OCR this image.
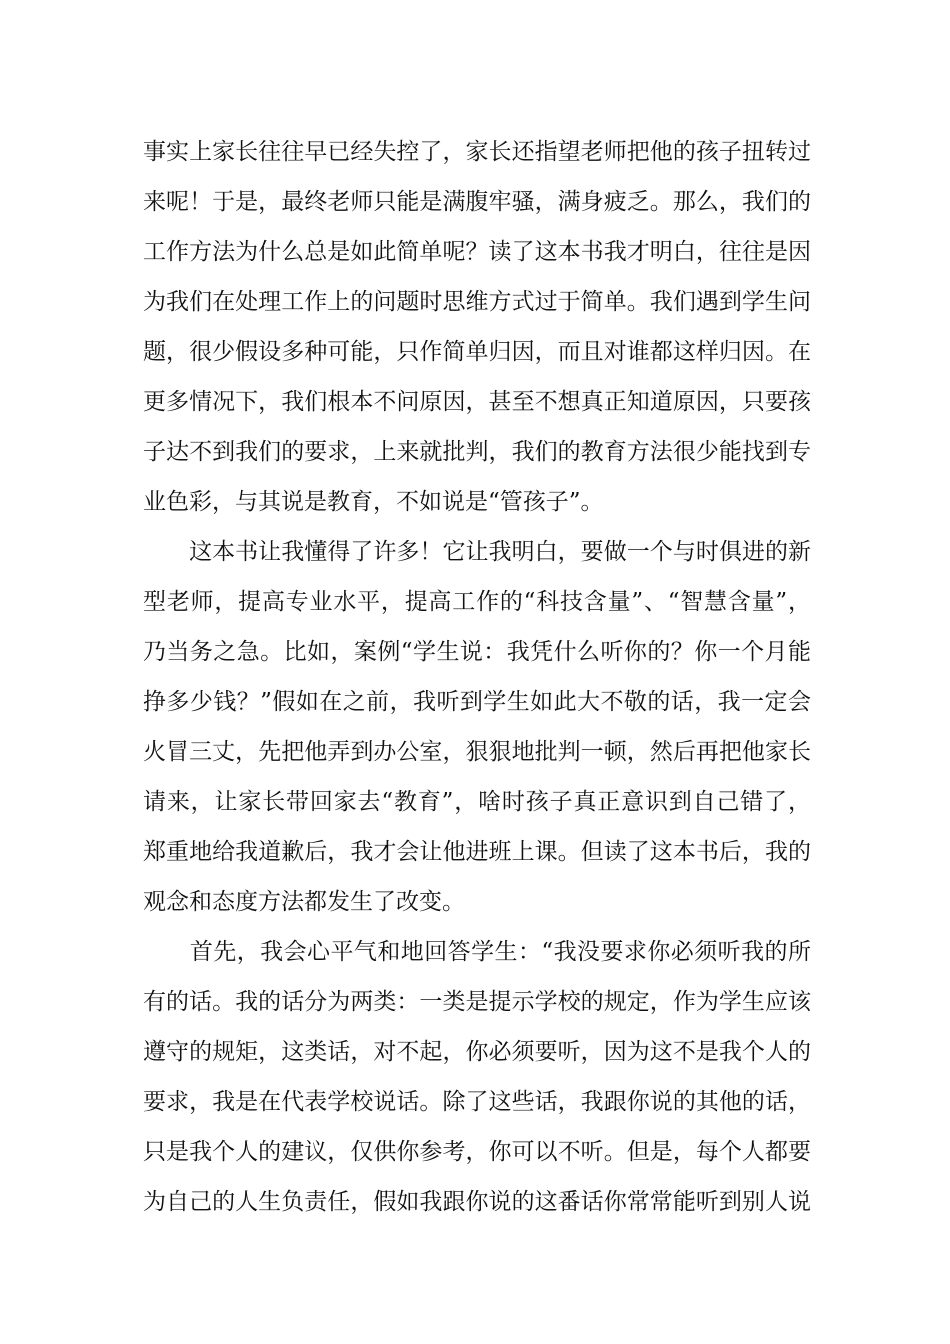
事实上家长往往早已经失控了，家长还指望老师把他的孩子扭转过
来呢！于是，最终老师只能是满腹牢骚，满身疲乏。那么，我们的
工作方法为什么总是如此简单呢？读了这本书我才明白，往往是因
为我们在处理工作上的问题时思维方式过于简单。我们遇到学生问
题，很少假设多种可能，只作简单归因，而且对谁都这样归因。在
更多情况下，我们根本不问原因，甚至不想真正知道原因，只要孩
子达不到我们的要求，上来就批判，我们的教育方法很少能找到专
业色彩，与其说是教育，不如说是“管孩子”。
　　这本书让我懂得了许多！它让我明白，要做一个与时俱进的新
型老师，提高专业水平，提高工作的“科技含量”、“智慧含量”，
乃当务之急。比如，案例“学生说：我凭什么听你的？你一个月能
挣多少钱？”假如在之前，我听到学生如此大不敬的话，我一定会
火冒三丈，先把他弄到办公室，狠狠地批判一顿，然后再把他家长
请来，让家长带回家去“教育”，啥时孩子真正意识到自己错了，
郑重地给我道歉后，我才会让他进班上课。但读了这本书后，我的
观念和态度方法都发生了改变。
　　首先，我会心平气和地回答学生：“我没要求你必须听我的所
有的话。我的话分为两类：一类是提示学校的规定，作为学生应该
遵守的规矩，这类话，对不起，你必须要听，因为这不是我个人的
要求，我是在代表学校说话。除了这些话，我跟你说的其他的话，
只是我个人的建议，仅供你参考，你可以不听。但是，每个人都要
为自己的人生负责任，假如我跟你说的这番话你常常能听到别人说
